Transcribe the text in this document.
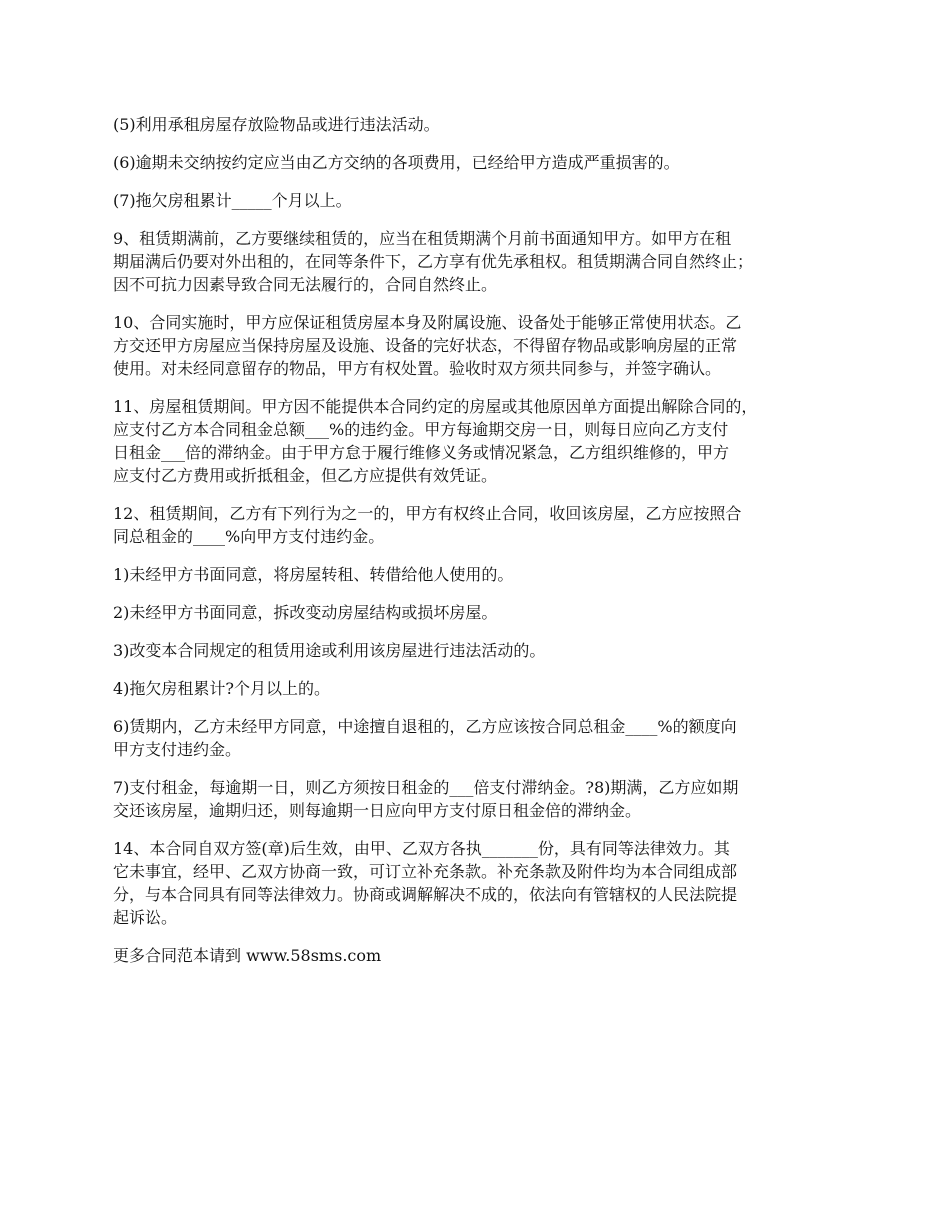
(5)利用承租房屋存放险物品或进行违法活动。

(6)逾期未交纳按约定应当由乙方交纳的各项费用，已经给甲方造成严重损害的。

(7)拖欠房租累计_____个月以上。

9、租赁期满前，乙方要继续租赁的，应当在租赁期满个月前书面通知甲方。如甲方在租
期届满后仍要对外出租的，在同等条件下，乙方享有优先承租权。租赁期满合同自然终止；
因不可抗力因素导致合同无法履行的，合同自然终止。

10、合同实施时，甲方应保证租赁房屋本身及附属设施、设备处于能够正常使用状态。乙
方交还甲方房屋应当保持房屋及设施、设备的完好状态，不得留存物品或影响房屋的正常
使用。对未经同意留存的物品，甲方有权处置。验收时双方须共同参与，并签字确认。

11、房屋租赁期间。甲方因不能提供本合同约定的房屋或其他原因单方面提出解除合同的，
应支付乙方本合同租金总额___%的违约金。甲方每逾期交房一日，则每日应向乙方支付
日租金___倍的滞纳金。由于甲方怠于履行维修义务或情况紧急，乙方组织维修的，甲方
应支付乙方费用或折抵租金，但乙方应提供有效凭证。

12、租赁期间，乙方有下列行为之一的，甲方有权终止合同，收回该房屋，乙方应按照合
同总租金的____%向甲方支付违约金。

1)未经甲方书面同意，将房屋转租、转借给他人使用的。

2)未经甲方书面同意，拆改变动房屋结构或损坏房屋。

3)改变本合同规定的租赁用途或利用该房屋进行违法活动的。

4)拖欠房租累计?个月以上的。

6)赁期内，乙方未经甲方同意，中途擅自退租的，乙方应该按合同总租金____%的额度向
甲方支付违约金。

7)支付租金，每逾期一日，则乙方须按日租金的___倍支付滞纳金。?8)期满，乙方应如期
交还该房屋，逾期归还，则每逾期一日应向甲方支付原日租金倍的滞纳金。

14、本合同自双方签(章)后生效，由甲、乙双方各执_______份，具有同等法律效力。其
它未事宜，经甲、乙双方协商一致，可订立补充条款。补充条款及附件均为本合同组成部
分，与本合同具有同等法律效力。协商或调解解决不成的，依法向有管辖权的人民法院提
起诉讼。

更多合同范本请到 www.58sms.com
